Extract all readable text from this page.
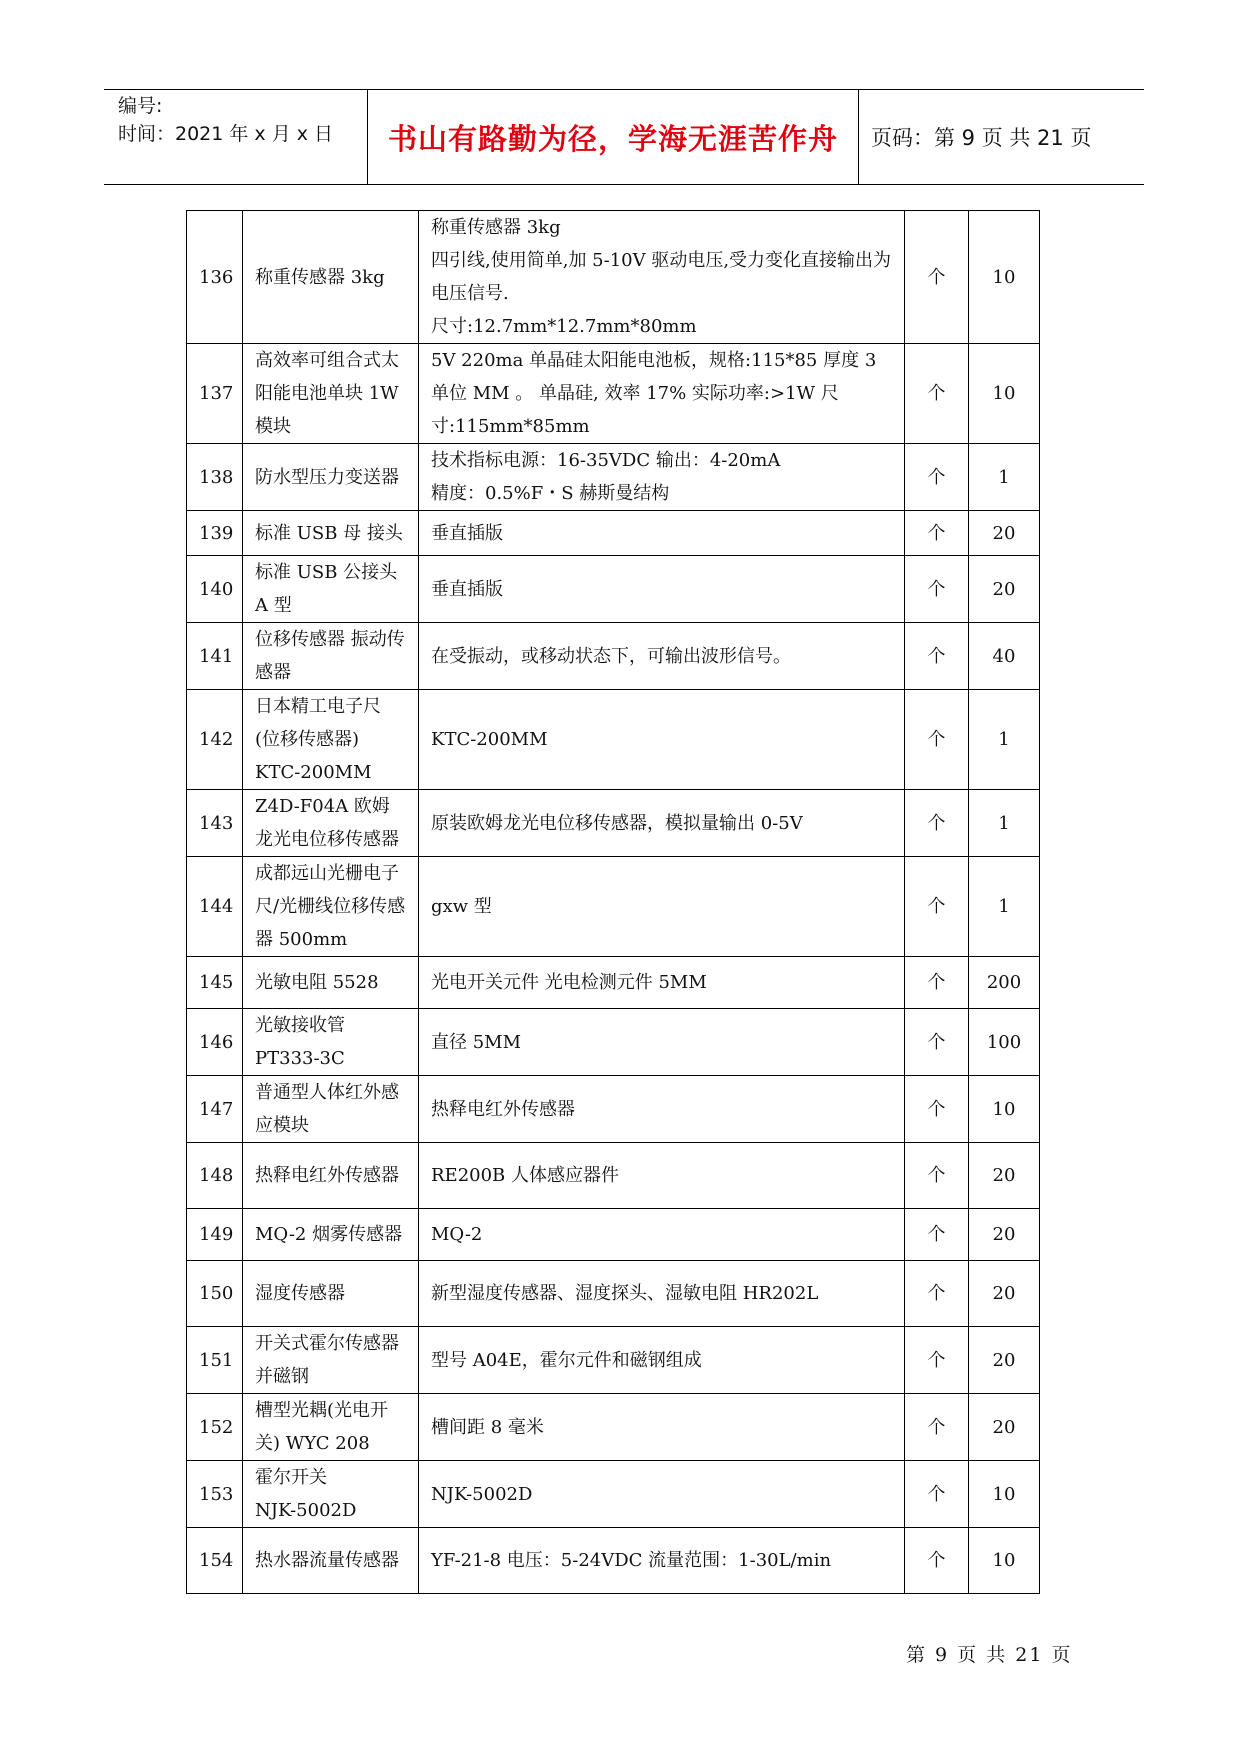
编号:
时间：2021 年 x 月 x 日	书山有路勤为径，学海无涯苦作舟	页码：第 9 页 共 21 页
136	称重传感器 3kg	称重传感器 3kg
四引线,使用简单,加 5-10V 驱动电压,受力变化直接输出为电压信号.
尺寸:12.7mm*12.7mm*80mm	个	10
137	高效率可组合式太阳能电池单块 1W 模块	5V 220ma 单晶硅太阳能电池板，规格:115*85 厚度 3 单位 MM 。 单晶硅, 效率 17% 实际功率:>1W 尺寸:115mm*85mm	个	10
138	防水型压力变送器	技术指标电源：16-35VDC 输出：4-20mA
精度：0.5%F・S 赫斯曼结构	个	1
139	标准 USB 母 接头	垂直插版	个	20
140	标准 USB 公接头 A 型	垂直插版	个	20
141	位移传感器 振动传感器	在受振动，或移动状态下，可输出波形信号。	个	40
142	日本精工电子尺(位移传感器)
KTC-200MM	KTC-200MM	个	1
143	Z4D-F04A 欧姆龙光电位移传感器	原装欧姆龙光电位移传感器，模拟量输出 0-5V	个	1
144	成都远山光栅电子尺/光栅线位移传感器 500mm	gxw 型	个	1
145	光敏电阻 5528	光电开关元件 光电检测元件 5MM	个	200
146	光敏接收管
PT333-3C	直径 5MM	个	100
147	普通型人体红外感应模块	热释电红外传感器	个	10
148	热释电红外传感器	RE200B 人体感应器件	个	20
149	MQ-2 烟雾传感器	MQ-2	个	20
150	湿度传感器	新型湿度传感器、湿度探头、湿敏电阻 HR202L	个	20
151	开关式霍尔传感器并磁钢	型号 A04E，霍尔元件和磁钢组成	个	20
152	槽型光耦(光电开关) WYC 208	槽间距 8 毫米	个	20
153	霍尔开关
NJK-5002D	NJK-5002D	个	10
154	热水器流量传感器	YF-21-8 电压：5-24VDC 流量范围：1-30L/min	个	10
第 9 页 共 21 页
